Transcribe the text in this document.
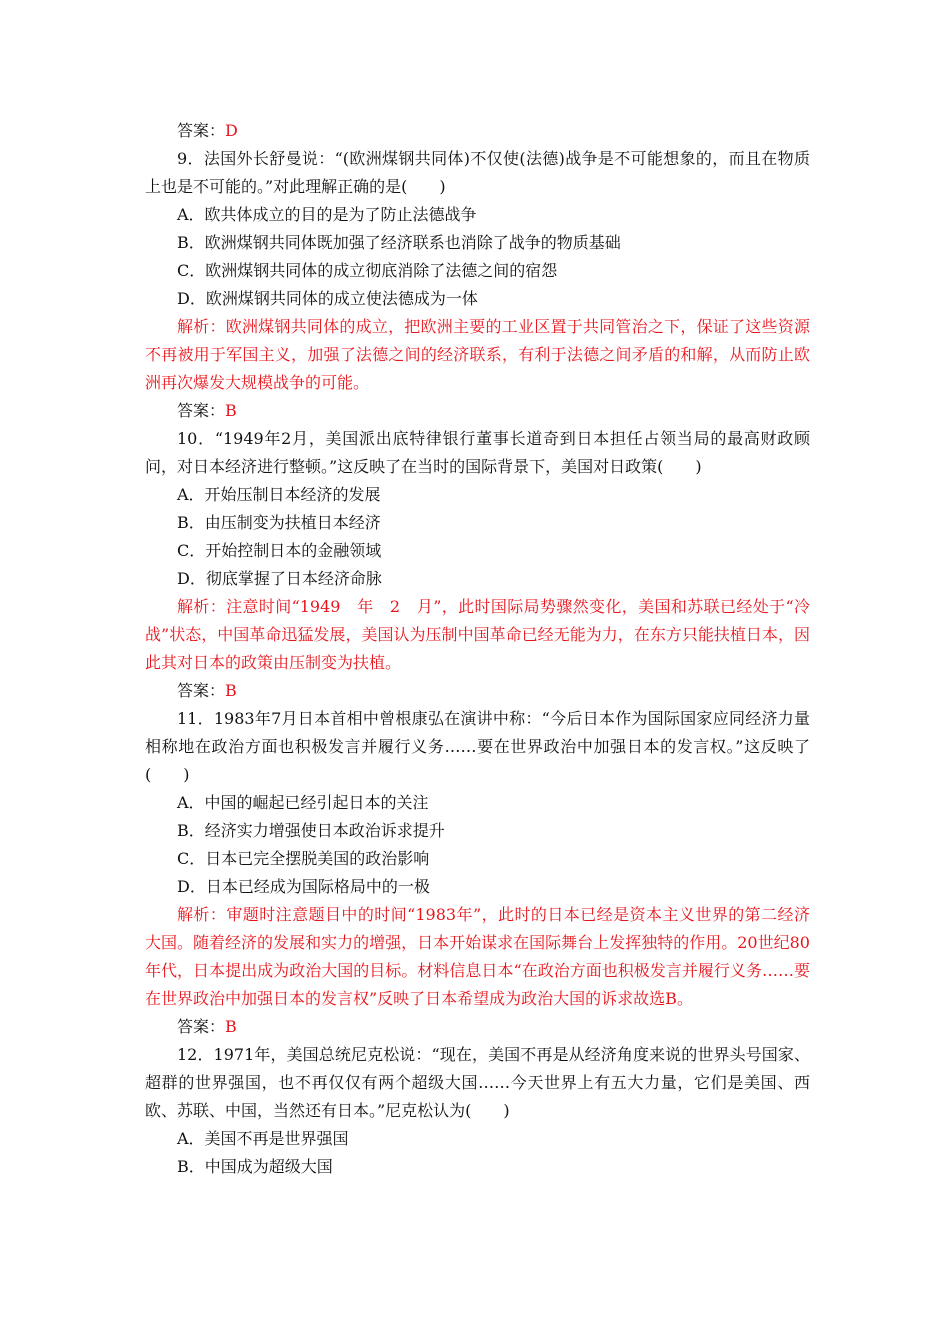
答案：D
9．法国外长舒曼说：“(欧洲煤钢共同体)不仅使(法德)战争是不可能想象的，而且在物质上也是不可能的。”对此理解正确的是(　　)
A．欧共体成立的目的是为了防止法德战争
B．欧洲煤钢共同体既加强了经济联系也消除了战争的物质基础
C．欧洲煤钢共同体的成立彻底消除了法德之间的宿怨
D．欧洲煤钢共同体的成立使法德成为一体
解析：欧洲煤钢共同体的成立，把欧洲主要的工业区置于共同管治之下，保证了这些资源不再被用于军国主义，加强了法德之间的经济联系，有利于法德之间矛盾的和解，从而防止欧洲再次爆发大规模战争的可能。
答案：B
10．“1949年2月，美国派出底特律银行董事长道奇到日本担任占领当局的最高财政顾问，对日本经济进行整顿。”这反映了在当时的国际背景下，美国对日政策(　　)
A．开始压制日本经济的发展
B．由压制变为扶植日本经济
C．开始控制日本的金融领域
D．彻底掌握了日本经济命脉
解析：注意时间“1949　年　2　月”，此时国际局势骤然变化，美国和苏联已经处于“冷战”状态，中国革命迅猛发展，美国认为压制中国革命已经无能为力，在东方只能扶植日本，因此其对日本的政策由压制变为扶植。
答案：B
11．1983年7月日本首相中曾根康弘在演讲中称：“今后日本作为国际国家应同经济力量相称地在政治方面也积极发言并履行义务……要在世界政治中加强日本的发言权。”这反映了(　　)
A．中国的崛起已经引起日本的关注
B．经济实力增强使日本政治诉求提升
C．日本已完全摆脱美国的政治影响
D．日本已经成为国际格局中的一极
解析：审题时注意题目中的时间“1983年”，此时的日本已经是资本主义世界的第二经济大国。随着经济的发展和实力的增强，日本开始谋求在国际舞台上发挥独特的作用。20世纪80年代，日本提出成为政治大国的目标。材料信息日本“在政治方面也积极发言并履行义务……要在世界政治中加强日本的发言权”反映了日本希望成为政治大国的诉求故选B。
答案：B
12．1971年，美国总统尼克松说：“现在，美国不再是从经济角度来说的世界头号国家、超群的世界强国，也不再仅仅有两个超级大国……今天世界上有五大力量，它们是美国、西欧、苏联、中国，当然还有日本。”尼克松认为(　　)
A．美国不再是世界强国
B．中国成为超级大国
